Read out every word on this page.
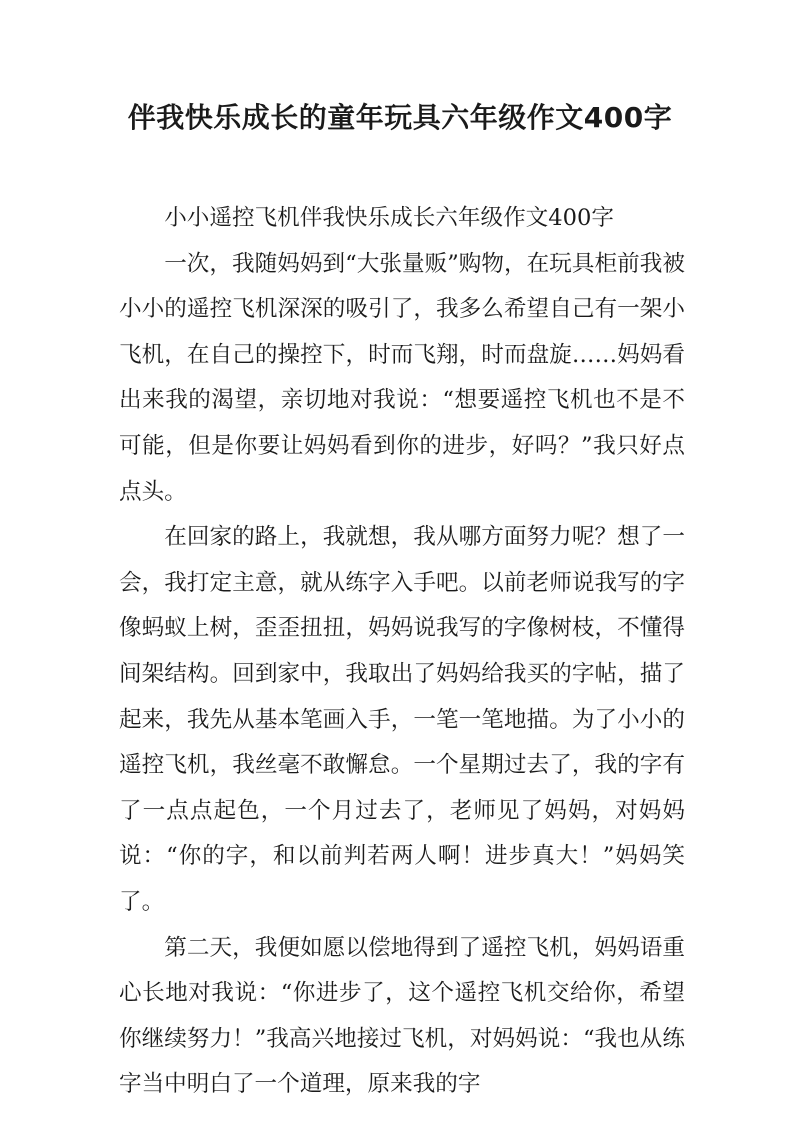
伴我快乐成长的童年玩具六年级作文400字

小小遥控飞机伴我快乐成长六年级作文400字

一次，我随妈妈到“大张量贩”购物，在玩具柜前我被小小的遥控飞机深深的吸引了，我多么希望自己有一架小飞机，在自己的操控下，时而飞翔，时而盘旋……妈妈看出来我的渴望，亲切地对我说：“想要遥控飞机也不是不可能，但是你要让妈妈看到你的进步，好吗？”我只好点点头。

在回家的路上，我就想，我从哪方面努力呢？想了一会，我打定主意，就从练字入手吧。以前老师说我写的字像蚂蚁上树，歪歪扭扭，妈妈说我写的字像树枝，不懂得间架结构。回到家中，我取出了妈妈给我买的字帖，描了起来，我先从基本笔画入手，一笔一笔地描。为了小小的遥控飞机，我丝毫不敢懈怠。一个星期过去了，我的字有了一点点起色，一个月过去了，老师见了妈妈，对妈妈说：“你的字，和以前判若两人啊！进步真大！”妈妈笑了。

第二天，我便如愿以偿地得到了遥控飞机，妈妈语重心长地对我说：“你进步了，这个遥控飞机交给你，希望你继续努力！”我高兴地接过飞机，对妈妈说：“我也从练字当中明白了一个道理，原来我的字
